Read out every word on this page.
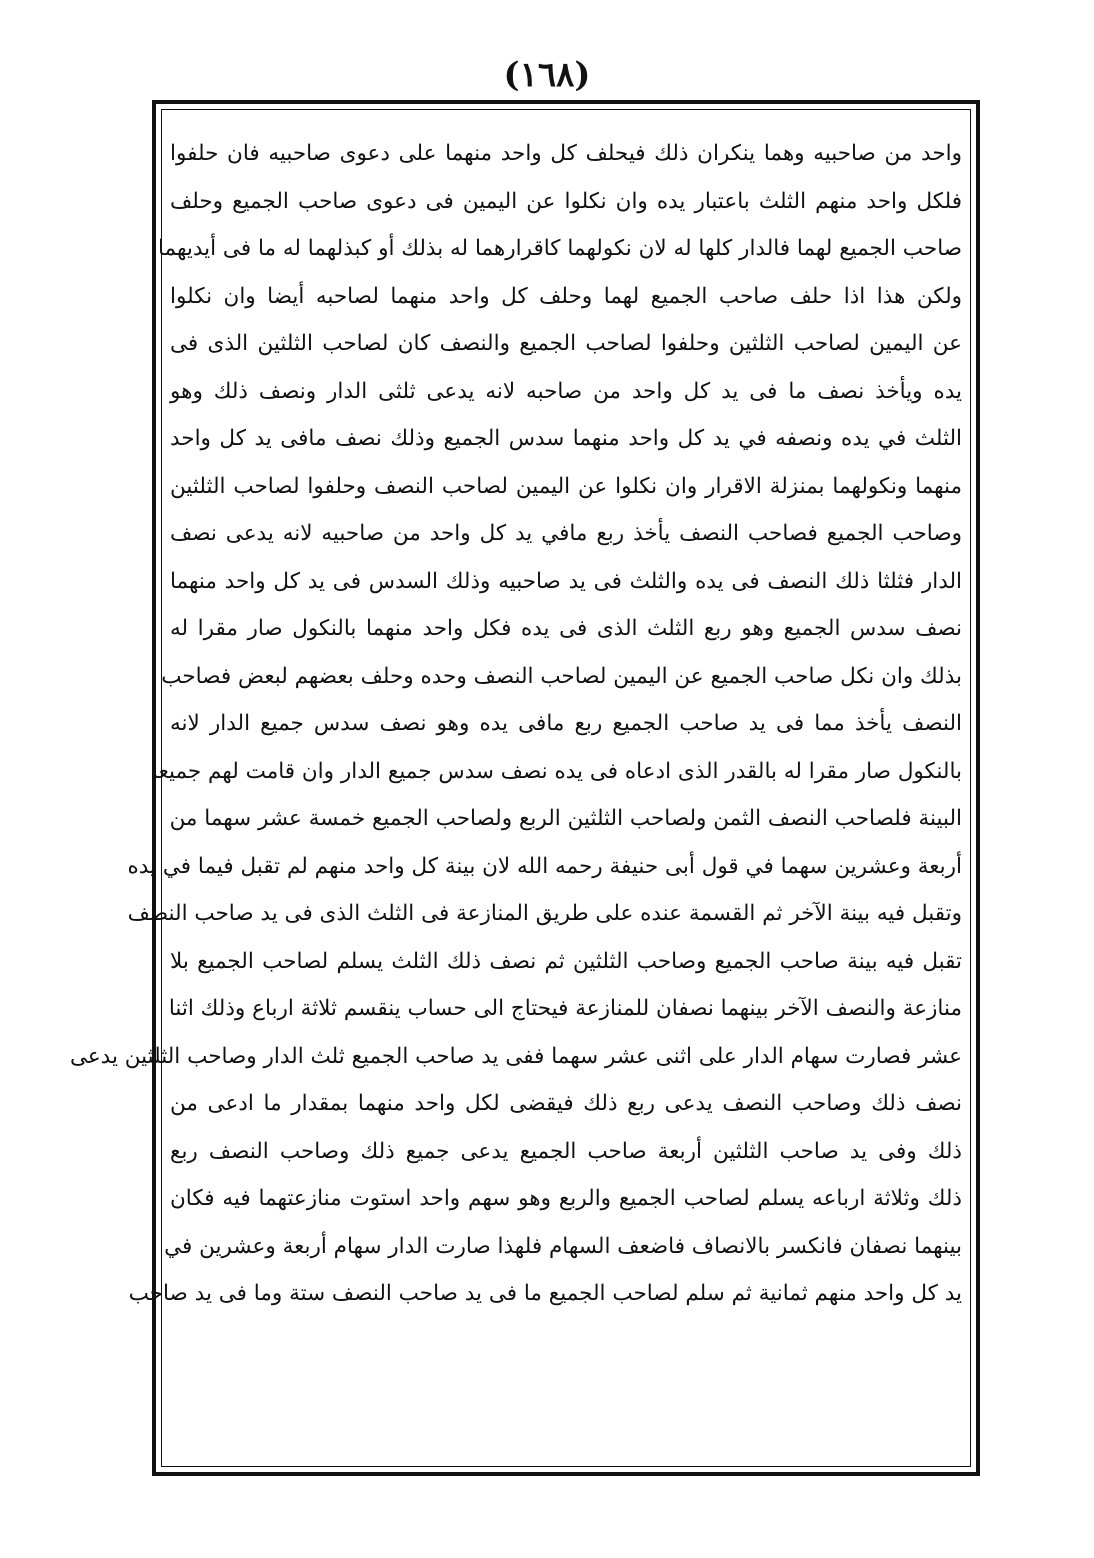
(١٦٨)
واحد من صاحبيه وهما ينكران ذلك فيحلف كل واحد منهما على دعوى صاحبيه فان حلفوا
فلكل واحد منهم الثلث باعتبار يده وان نكلوا عن اليمين فى دعوى صاحب الجميع وحلف
صاحب الجميع لهما فالدار كلها له لان نكولهما كاقرارهما له بذلك أو كبذلهما له ما فى أيديهما
ولكن هذا اذا حلف صاحب الجميع لهما وحلف كل واحد منهما لصاحبه أيضا وان نكلوا
عن اليمين لصاحب الثلثين وحلفوا لصاحب الجميع والنصف كان لصاحب الثلثين الذى فى
يده ويأخذ نصف ما فى يد كل واحد من صاحبه لانه يدعى ثلثى الدار ونصف ذلك وهو
الثلث في يده ونصفه في يد كل واحد منهما سدس الجميع وذلك نصف مافى يد كل واحد
منهما ونكولهما بمنزلة الاقرار وان نكلوا عن اليمين لصاحب النصف وحلفوا لصاحب الثلثين
وصاحب الجميع فصاحب النصف يأخذ ربع مافي يد كل واحد من صاحبيه لانه يدعى نصف
الدار فثلثا ذلك النصف فى يده والثلث فى يد صاحبيه وذلك السدس فى يد كل واحد منهما
نصف سدس الجميع وهو ربع الثلث الذى فى يده فكل واحد منهما بالنكول صار مقرا له
بذلك وان نكل صاحب الجميع عن اليمين لصاحب النصف وحده وحلف بعضهم لبعض فصاحب
النصف يأخذ مما فى يد صاحب الجميع ربع مافى يده وهو نصف سدس جميع الدار لانه
بالنكول صار مقرا له بالقدر الذى ادعاه فى يده نصف سدس جميع الدار وان قامت لهم جميعا
البينة فلصاحب النصف الثمن ولصاحب الثلثين الربع ولصاحب الجميع خمسة عشر سهما من
أربعة وعشرين سهما في قول أبى حنيفة رحمه الله لان بينة كل واحد منهم لم تقبل فيما في يده
وتقبل فيه بينة الآخر ثم القسمة عنده على طريق المنازعة فى الثلث الذى فى يد صاحب النصف
تقبل فيه بينة صاحب الجميع وصاحب الثلثين ثم نصف ذلك الثلث يسلم لصاحب الجميع بلا
منازعة والنصف الآخر بينهما نصفان للمنازعة فيحتاج الى حساب ينقسم ثلاثة ارباع وذلك اثنا
عشر فصارت سهام الدار على اثنى عشر سهما ففى يد صاحب الجميع ثلث الدار وصاحب الثلثين يدعى
نصف ذلك وصاحب النصف يدعى ربع ذلك فيقضى لكل واحد منهما بمقدار ما ادعى من
ذلك وفى يد صاحب الثلثين أربعة صاحب الجميع يدعى جميع ذلك وصاحب النصف ربع
ذلك وثلاثة ارباعه يسلم لصاحب الجميع والربع وهو سهم واحد استوت منازعتهما فيه فكان
بينهما نصفان فانكسر بالانصاف فاضعف السهام فلهذا صارت الدار سهام أربعة وعشرين في
يد كل واحد منهم ثمانية ثم سلم لصاحب الجميع ما فى يد صاحب النصف ستة وما فى يد صاحب
